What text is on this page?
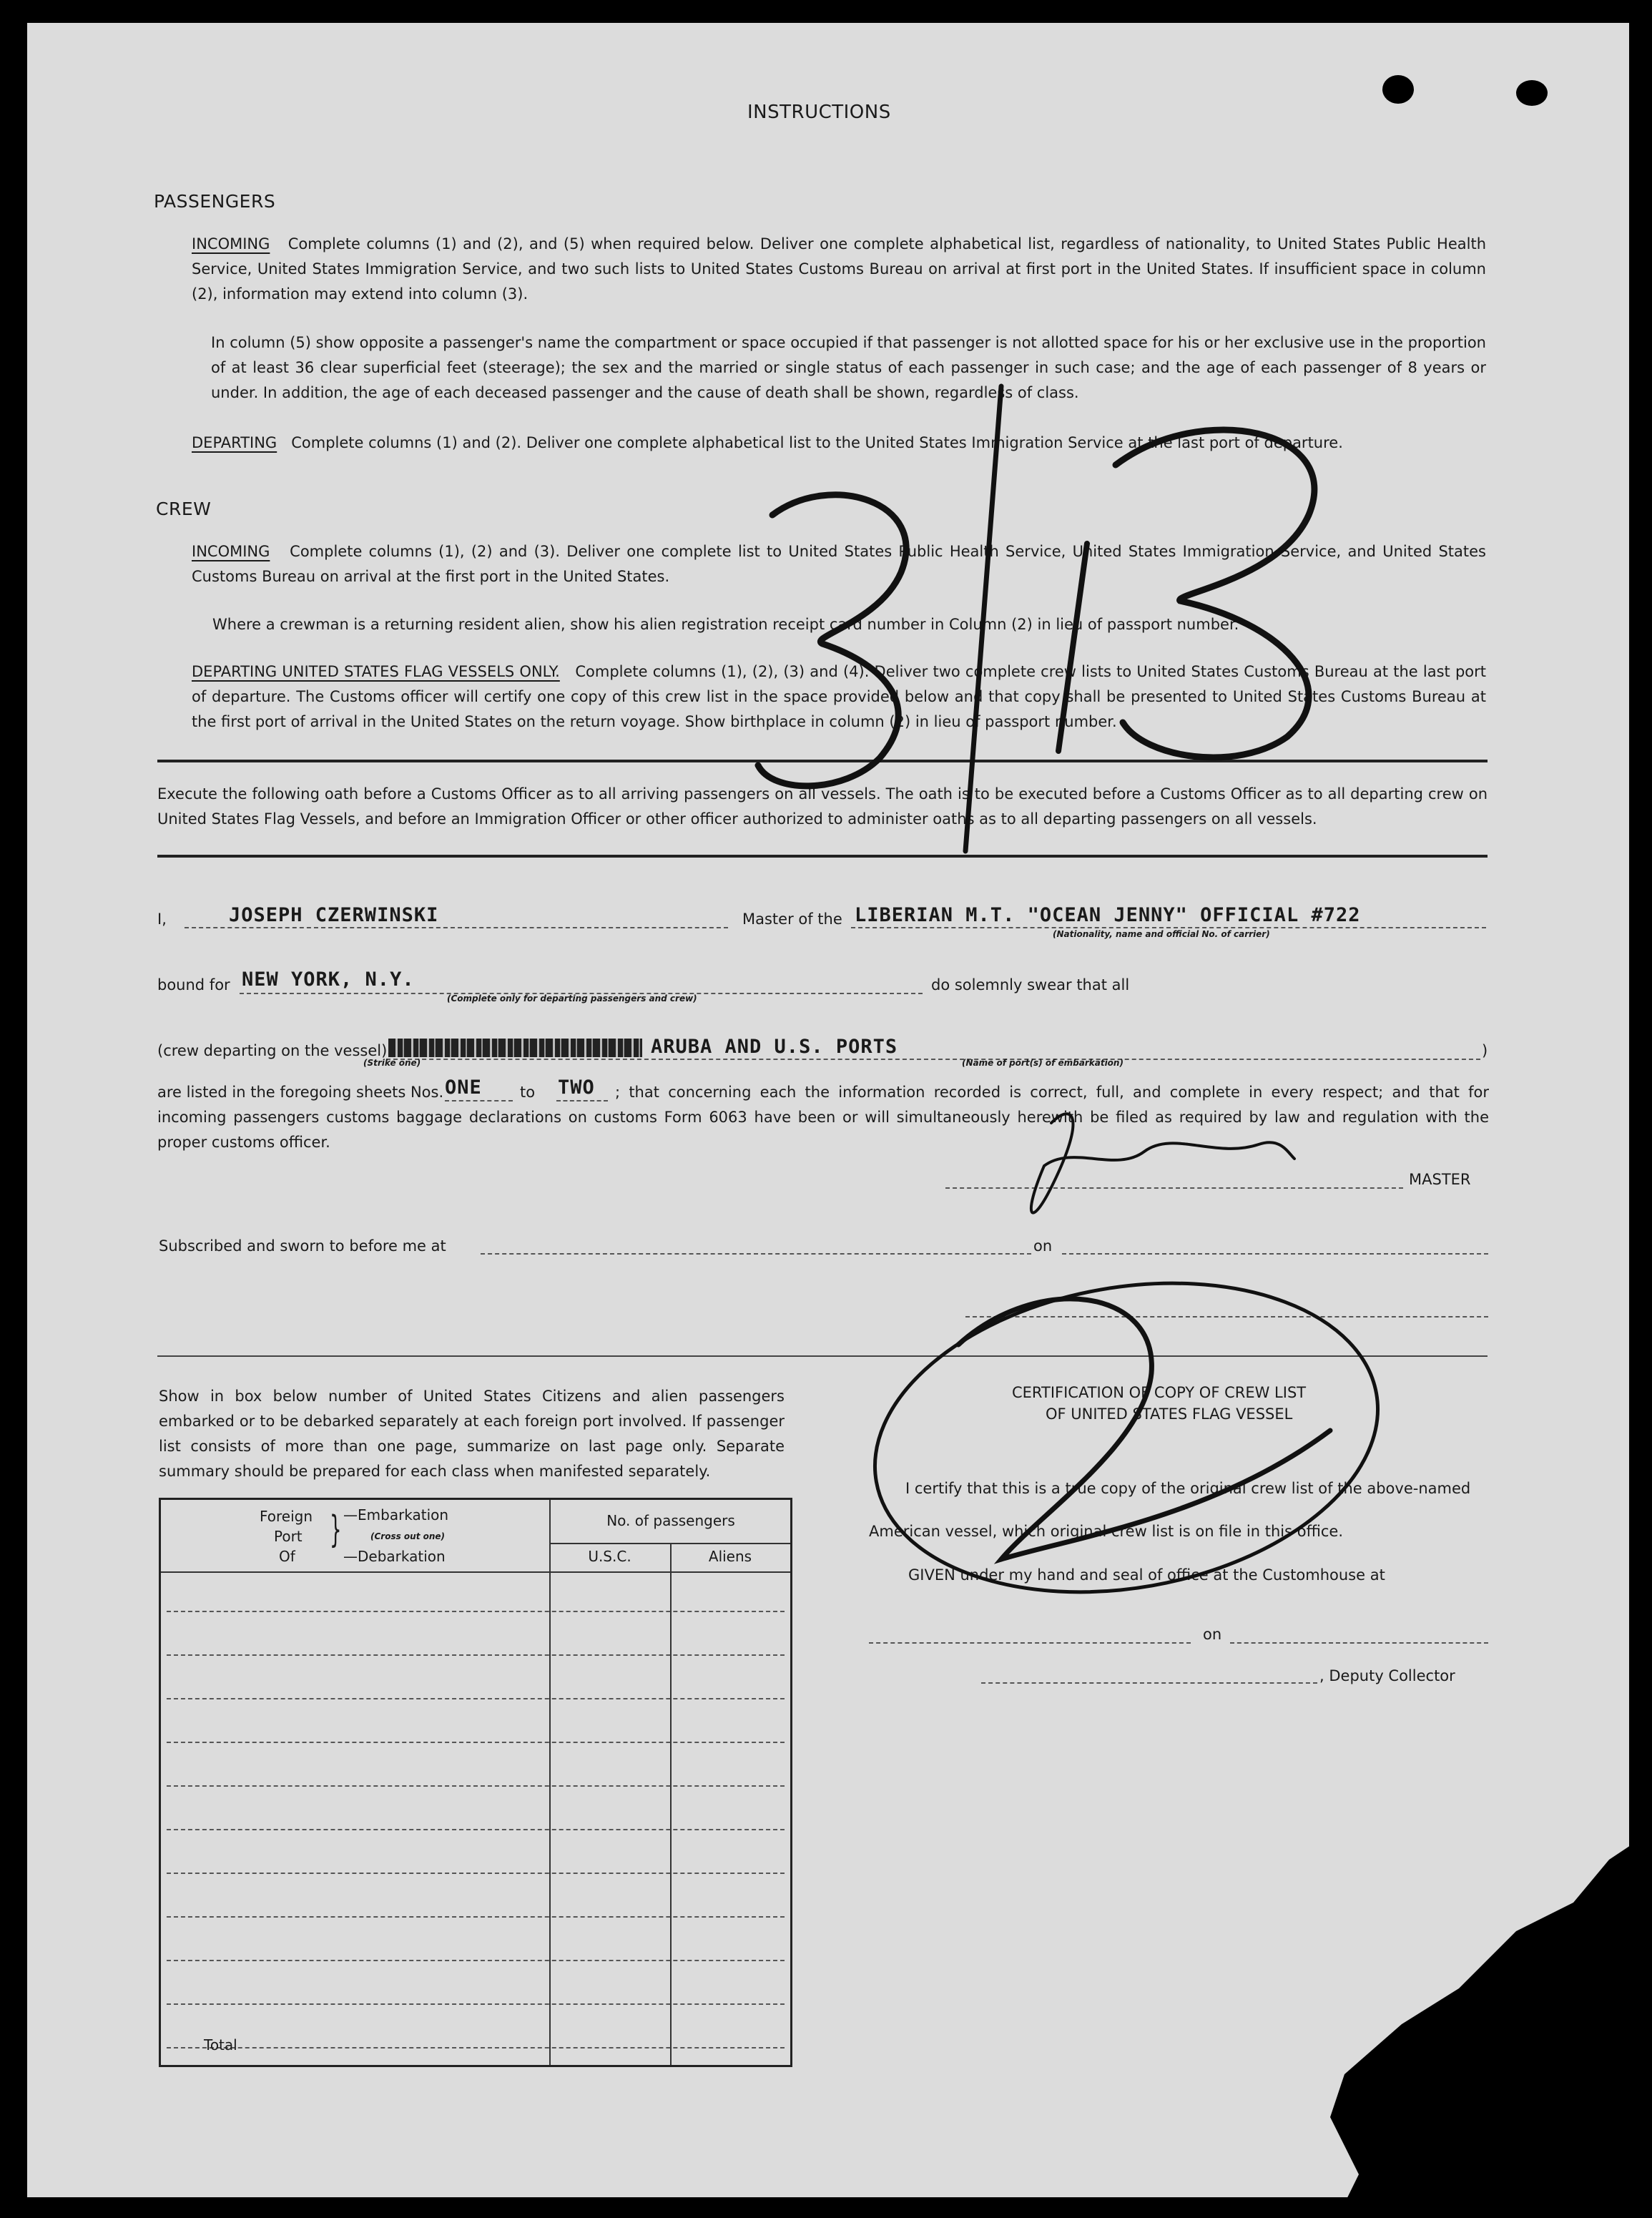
INSTRUCTIONS
PASSENGERS
INCOMING Complete columns (1) and (2), and (5) when required below. Deliver one complete alphabetical list, regardless of nationality, to United States Public Health Service, United States Immigration Service, and two such lists to United States Customs Bureau on arrival at first port in the United States. If insufficient space in column (2), information may extend into column (3).
In column (5) show opposite a passenger's name the compartment or space occupied if that passenger is not allotted space for his or her exclusive use in the proportion of at least 36 clear superficial feet (steerage); the sex and the married or single status of each passenger in such case; and the age of each passenger of 8 years or under. In addition, the age of each deceased passenger and the cause of death shall be shown, regardless of class.
DEPARTING Complete columns (1) and (2). Deliver one complete alphabetical list to the United States Immigration Service at the last port of departure.
CREW
INCOMING Complete columns (1), (2) and (3). Deliver one complete list to United States Public Health Service, United States Immigration Service, and United States Customs Bureau on arrival at the first port in the United States.
Where a crewman is a returning resident alien, show his alien registration receipt card number in Column (2) in lieu of passport number.
DEPARTING UNITED STATES FLAG VESSELS ONLY. Complete columns (1), (2), (3) and (4). Deliver two complete crew lists to United States Customs Bureau at the last port of departure. The Customs officer will certify one copy of this crew list in the space provided below and that copy shall be presented to United States Customs Bureau at the first port of arrival in the United States on the return voyage. Show birthplace in column (2) in lieu of passport number.
Execute the following oath before a Customs Officer as to all arriving passengers on all vessels. The oath is to be executed before a Customs Officer as to all departing crew on United States Flag Vessels, and before an Immigration Officer or other officer authorized to administer oaths as to all departing passengers on all vessels.
I,	JOSEPH CZERWINSKI	Master of the LIBERIAN M.T. "OCEAN JENNY" OFFICIAL #722
(Nationality, name and official No. of carrier)
bound for NEW YORK, N.Y.
(Complete only for departing passengers and crew)
do solemnly swear that all
(crew departing on the vessel)	ARUBA AND U.S. PORTS
(Strike one)	(Name of port(s) of embarkation)
)
are listed in the foregoing sheets Nos. ONE	to TWO	; that concerning each the information recorded is correct, full, and complete in every respect; and that for incoming passengers customs baggage declarations on customs Form 6063 have been or will simultaneously herewith be filed as required by law and regulation with the proper customs officer.
MASTER
Subscribed and sworn to before me at	on
Show in box below number of United States Citizens and alien passengers embarked or to be debarked separately at each foreign port involved. If passenger list consists of more than one page, summarize on last page only. Separate summary should be prepared for each class when manifested separately.
Foreign
Port
Of
} —Embarkation
(Cross out one)
—Debarkation
No. of passengers
U.S.C.	Aliens
Total
CERTIFICATION OF COPY OF CREW LIST
OF UNITED STATES FLAG VESSEL
I certify that this is a true copy of the original crew list of the above-named
American vessel, which original crew list is on file in this office.
GIVEN under my hand and seal of office at the Customhouse at
on
, Deputy Collector
